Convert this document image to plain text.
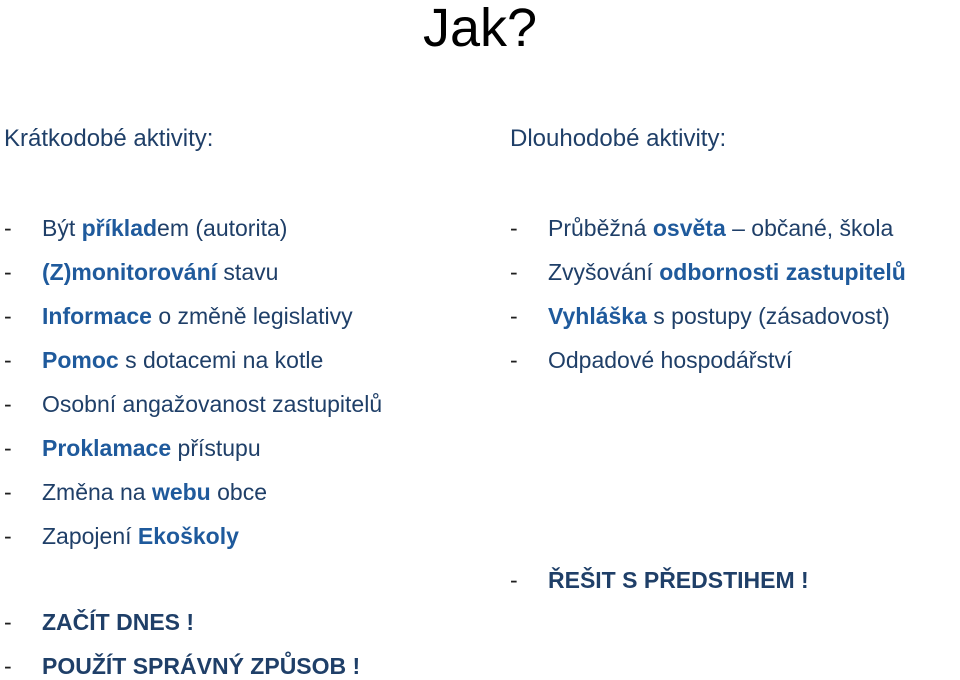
Jak?
Krátkodobé aktivity:	Dlouhodobé aktivity:
- Být příkladem (autorita)
- (Z)monitorování stavu
- Informace o změně legislativy
- Pomoc s dotacemi na kotle
- Osobní angažovanost zastupitelů
- Proklamace přístupu
- Změna na webu obce
- Zapojení Ekoškoly
- ZAČÍT DNES !
- POUŽÍT SPRÁVNÝ ZPŮSOB !
- Průběžná osvěta – občané, škola
- Zvyšování odbornosti zastupitelů
- Vyhláška s postupy (zásadovost)
- Odpadové hospodářství
- ŘEŠIT S PŘEDSTIHEM !
